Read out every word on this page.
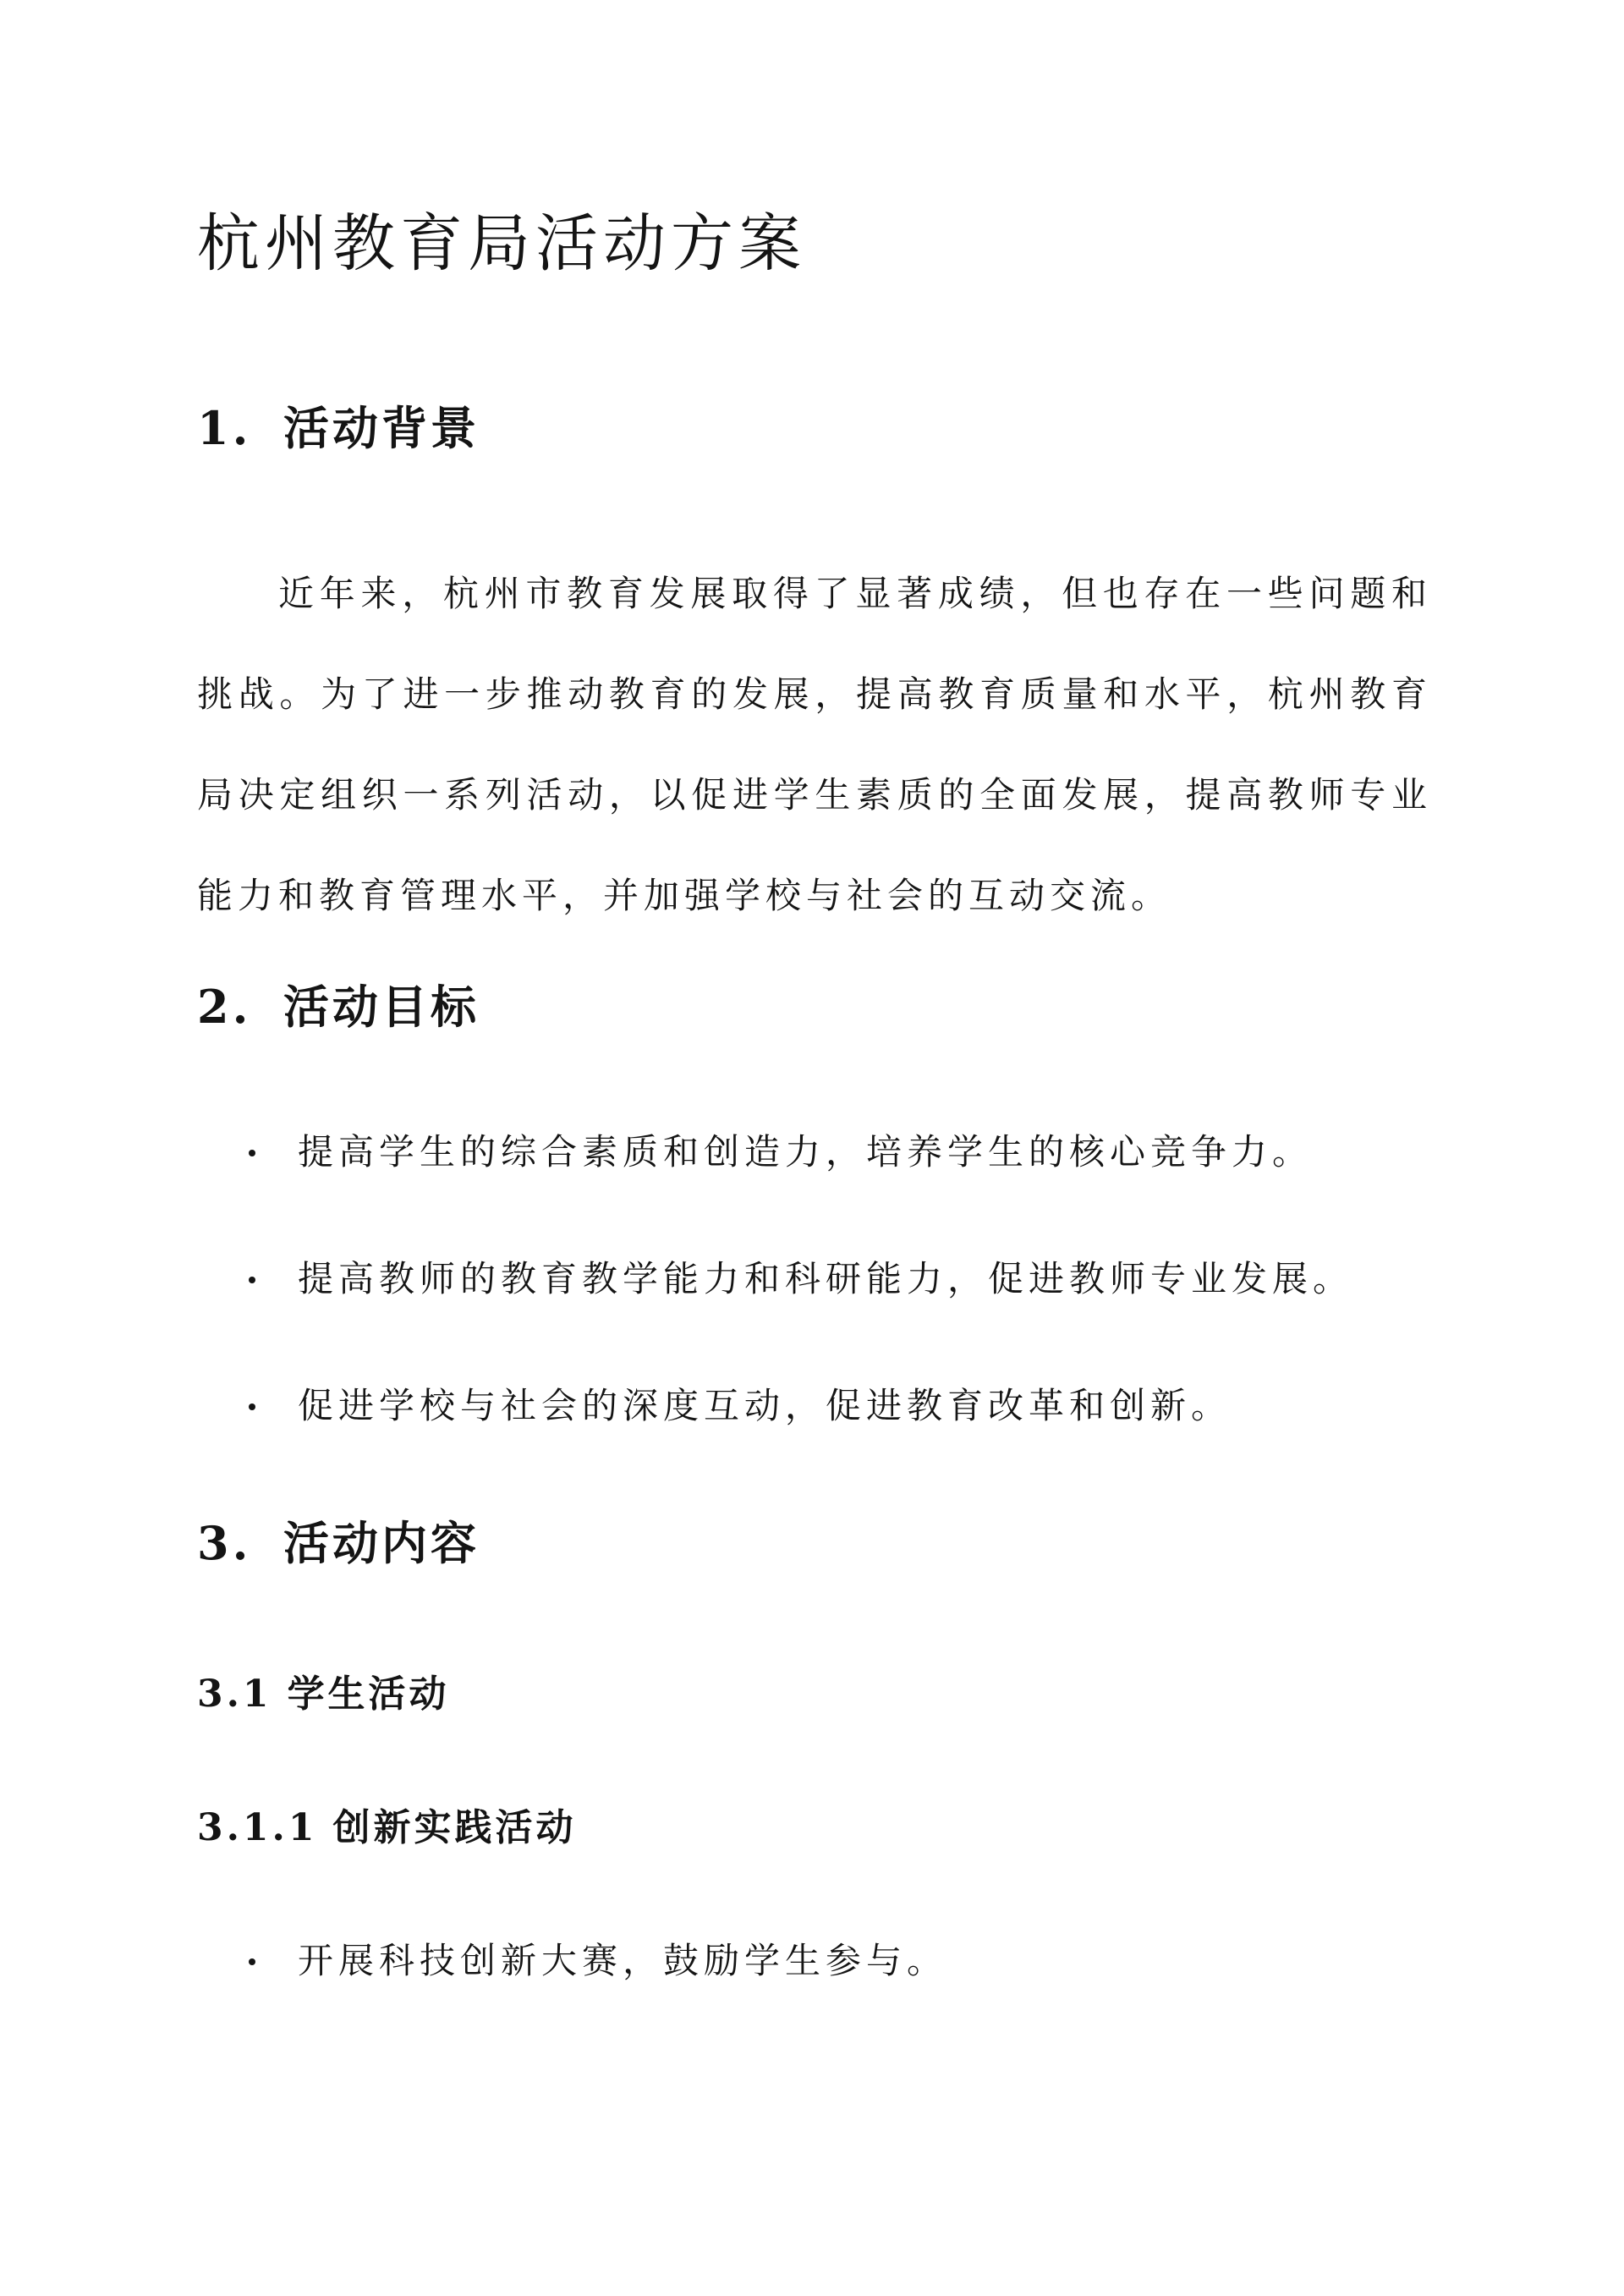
杭州教育局活动方案
1. 活动背景

近年来，杭州市教育发展取得了显著成绩，但也存在一些问题和挑战。为了进一步推动教育的发展，提高教育质量和水平，杭州教育局决定组织一系列活动，以促进学生素质的全面发展，提高教师专业能力和教育管理水平，并加强学校与社会的互动交流。

2. 活动目标
提高学生的综合素质和创造力，培养学生的核心竞争力。
提高教师的教育教学能力和科研能力，促进教师专业发展。
促进学校与社会的深度互动，促进教育改革和创新。
3. 活动内容
3.1 学生活动
3.1.1 创新实践活动
开展科技创新大赛，鼓励学生参与。
